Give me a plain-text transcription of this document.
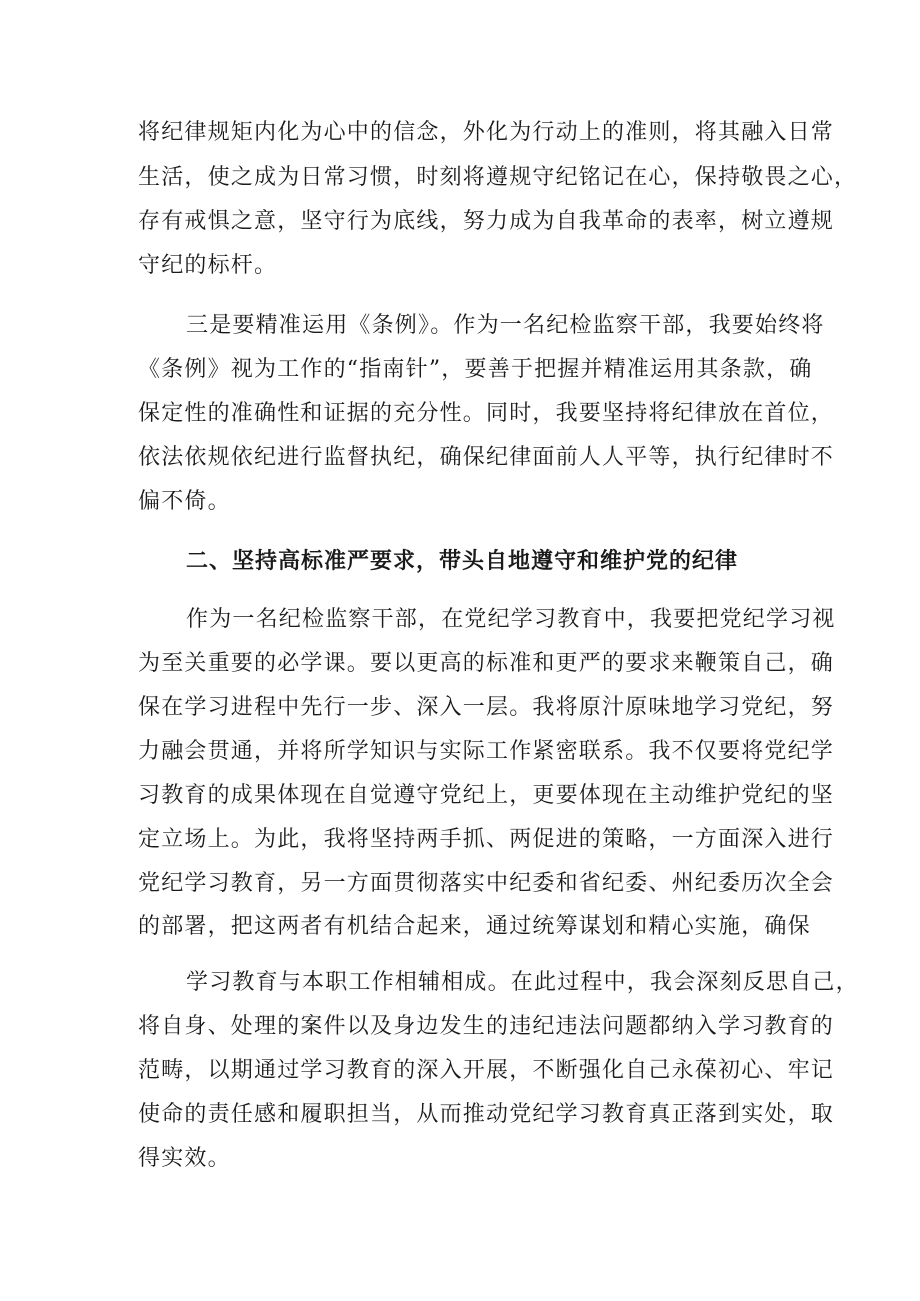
将纪律规矩内化为心中的信念，外化为行动上的准则，将其融入日常
生活，使之成为日常习惯，时刻将遵规守纪铭记在心，保持敬畏之心，
存有戒惧之意，坚守行为底线，努力成为自我革命的表率，树立遵规
守纪的标杆。
三是要精准运用《条例》。作为一名纪检监察干部，我要始终将
《条例》视为工作的“指南针”，要善于把握并精准运用其条款，确
保定性的准确性和证据的充分性。同时，我要坚持将纪律放在首位，
依法依规依纪进行监督执纪，确保纪律面前人人平等，执行纪律时不
偏不倚。
二、坚持高标准严要求，带头自地遵守和维护党的纪律
作为一名纪检监察干部，在党纪学习教育中，我要把党纪学习视
为至关重要的必学课。要以更高的标准和更严的要求来鞭策自己，确
保在学习进程中先行一步、深入一层。我将原汁原味地学习党纪，努
力融会贯通，并将所学知识与实际工作紧密联系。我不仅要将党纪学
习教育的成果体现在自觉遵守党纪上，更要体现在主动维护党纪的坚
定立场上。为此，我将坚持两手抓、两促进的策略，一方面深入进行
党纪学习教育，另一方面贯彻落实中纪委和省纪委、州纪委历次全会
的部署，把这两者有机结合起来，通过统筹谋划和精心实施，确保
学习教育与本职工作相辅相成。在此过程中，我会深刻反思自己，
将自身、处理的案件以及身边发生的违纪违法问题都纳入学习教育的
范畴，以期通过学习教育的深入开展，不断强化自己永葆初心、牢记
使命的责任感和履职担当，从而推动党纪学习教育真正落到实处，取
得实效。
